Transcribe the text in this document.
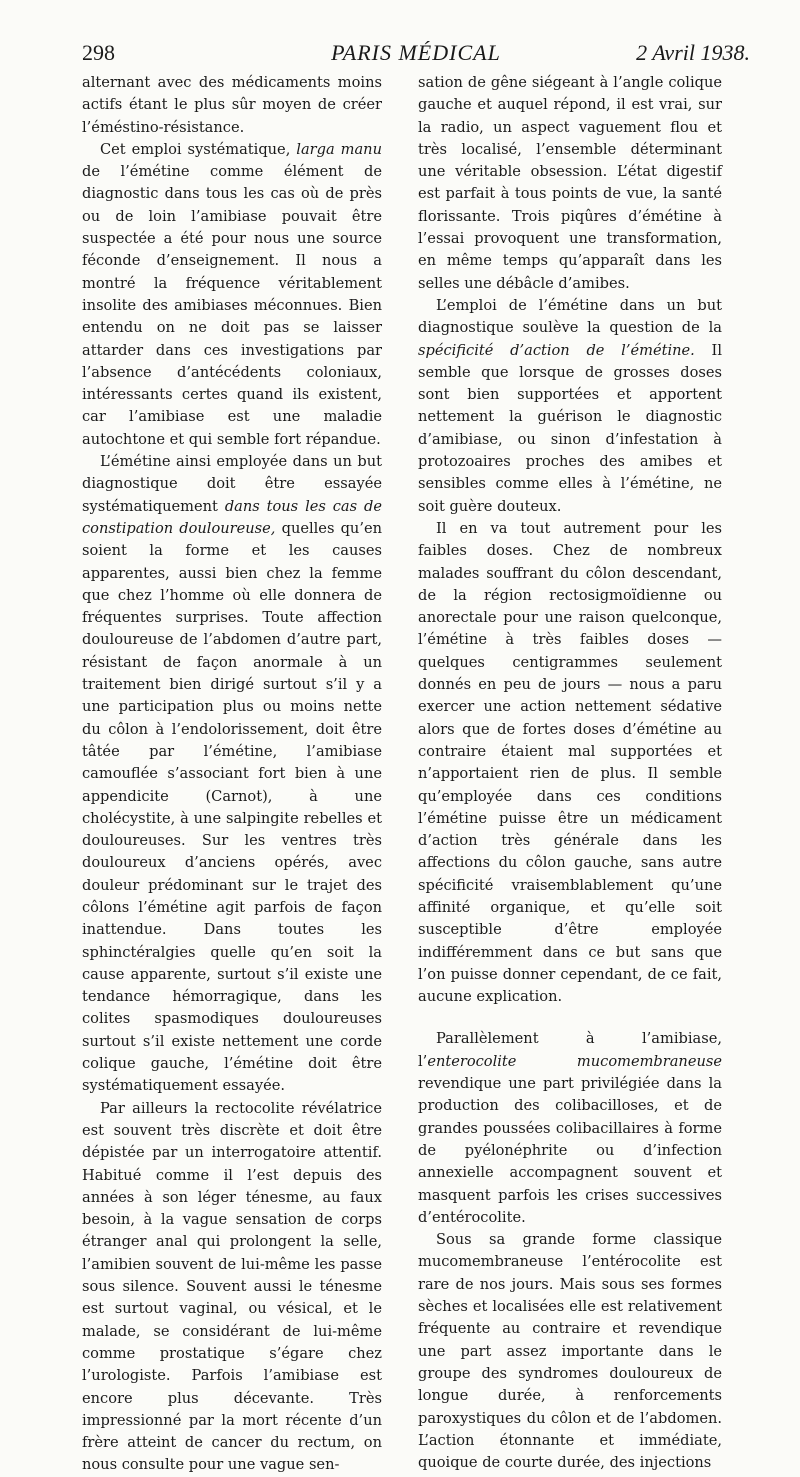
298	PARIS MÉDICAL	2 Avril 1938.

alternant avec des médicaments moins actifs étant le plus sûr moyen de créer l’éméstino-résistance.

Cet emploi systématique, larga manu de l’émétine comme élément de diagnostic dans tous les cas où de près ou de loin l’amibiase pouvait être suspectée a été pour nous une source féconde d’enseignement. Il nous a montré la fréquence véritablement insolite des amibiases méconnues. Bien entendu on ne doit pas se laisser attarder dans ces investigations par l’absence d’antécédents coloniaux, intéressants certes quand ils existent, car l’amibiase est une maladie autochtone et qui semble fort répandue.

L’émétine ainsi employée dans un but diagnostique doit être essayée systématiquement dans tous les cas de constipation douloureuse, quelles qu’en soient la forme et les causes apparentes, aussi bien chez la femme que chez l’homme où elle donnera de fréquentes surprises. Toute affection douloureuse de l’abdomen d’autre part, résistant de façon anormale à un traitement bien dirigé surtout s’il y a une participation plus ou moins nette du côlon à l’endolorissement, doit être tâtée par l’émétine, l’amibiase camouflée s’associant fort bien à une appendicite (Carnot), à une cholécystite, à une salpingite rebelles et douloureuses. Sur les ventres très douloureux d’anciens opérés, avec douleur prédominant sur le trajet des côlons l’émétine agit parfois de façon inattendue. Dans toutes les sphinctéralgies quelle qu’en soit la cause apparente, surtout s’il existe une tendance hémorragique, dans les colites spasmodiques douloureuses surtout s’il existe nettement une corde colique gauche, l’émétine doit être systématiquement essayée.

Par ailleurs la rectocolite révélatrice est souvent très discrète et doit être dépistée par un interrogatoire attentif. Habitué comme il l’est depuis des années à son léger ténesme, au faux besoin, à la vague sensation de corps étranger anal qui prolongent la selle, l’amibien souvent de lui-même les passe sous silence. Souvent aussi le ténesme est surtout vaginal, ou vésical, et le malade, se considérant de lui-même comme prostatique s’égare chez l’urologiste. Parfois l’amibiase est encore plus décevante. Très impressionné par la mort récente d’un frère atteint de cancer du rectum, on nous consulte pour une vague sen-

sation de gêne siégeant à l’angle colique gauche et auquel répond, il est vrai, sur la radio, un aspect vaguement flou et très localisé, l’ensemble déterminant une véritable obsession. L’état digestif est parfait à tous points de vue, la santé florissante. Trois piqûres d’émétine à l’essai provoquent une transformation, en même temps qu’apparaît dans les selles une débâcle d’amibes.

L’emploi de l’émétine dans un but diagnostique soulève la question de la spécificité d’action de l’émétine. Il semble que lorsque de grosses doses sont bien supportées et apportent nettement la guérison le diagnostic d’amibiase, ou sinon d’infestation à protozoaires proches des amibes et sensibles comme elles à l’émétine, ne soit guère douteux.

Il en va tout autrement pour les faibles doses. Chez de nombreux malades souffrant du côlon descendant, de la région rectosigmoïdienne ou anorectale pour une raison quelconque, l’émétine à très faibles doses — quelques centigrammes seulement donnés en peu de jours — nous a paru exercer une action nettement sédative alors que de fortes doses d’émétine au contraire étaient mal supportées et n’apportaient rien de plus. Il semble qu’employée dans ces conditions l’émétine puisse être un médicament d’action très générale dans les affections du côlon gauche, sans autre spécificité vraisemblablement qu’une affinité organique, et qu’elle soit susceptible d’être employée indifféremment dans ce but sans que l’on puisse donner cependant, de ce fait, aucune explication.

Parallèlement à l’amibiase, l’enterocolite mucomembraneuse revendique une part privilégiée dans la production des colibacilloses, et de grandes poussées colibacillaires à forme de pyélonéphrite ou d’infection annexielle accompagnent souvent et masquent parfois les crises successives d’entérocolite.

Sous sa grande forme classique mucomembraneuse l’entérocolite est rare de nos jours. Mais sous ses formes sèches et localisées elle est relativement fréquente au contraire et revendique une part assez importante dans le groupe des syndromes douloureux de longue durée, à renforcements paroxystiques du côlon et de l’abdomen. L’action étonnante et immédiate, quoique de courte durée, des injections
